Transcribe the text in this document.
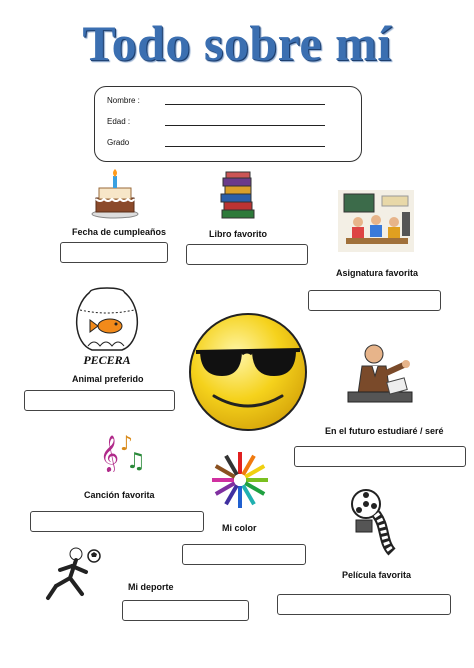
Todo sobre mí
Nombre :
Edad :
Grado
Fecha de cumpleaños	Libro favorito
Asignatura favorita
PECERA
Animal preferido
En el futuro estudiaré / seré
𝄞 ♪
♫
Canción favorita
Mi color
Película favorita
Mi deporte
